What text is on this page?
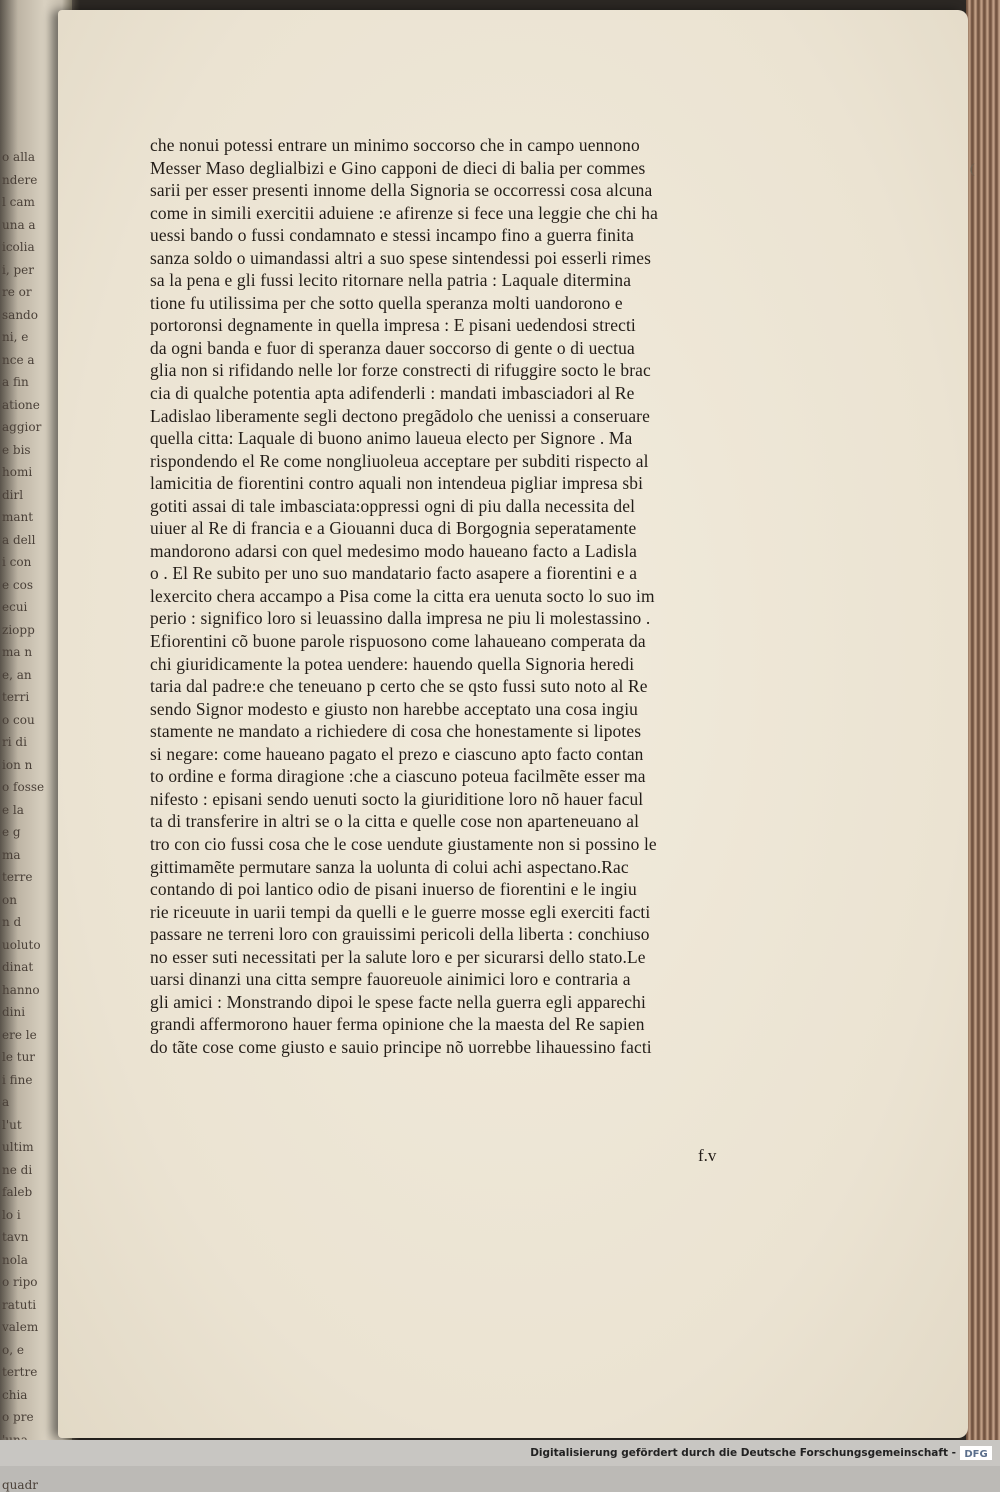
o alla
ndere
l cam
una a
icolia
i, per
re or
sando
ni, e
nce a
a fin
atione
aggior
e bis
homi
dirl
mant
a dell
i con
e cos
ecui
ziopp
ma n
e, an
terri
o cou
ri di
ion n
o fosse
e la
e g
ma
terre
on
n d
uoluto
dinat
hanno
dini
ere le
le tur
i fine
a
l'ut
ultim
ne di
faleb
lo i
tavn
nola
o ripo
ratuti
valem
o, e
tertre
chia
o pre
quadr
che nonui potessi entrare un minimo soccorso che in campo uennono
Messer Maso deglialbizi e Gino capponi de dieci di balia per commes
sarii per esser presenti innome della Signoria se occorressi cosa alcuna
come in simili exercitii aduiene :e afirenze si fece una leggie che chi ha
uessi bando o fussi condamnato e stessi incampo fino a guerra finita
sanza soldo o uimandassi altri a suo spese sintendessi poi esserli rimes
sa la pena e gli fussi lecito ritornare nella patria : Laquale ditermina
tione fu utilissima per che sotto quella speranza molti uandorono e
portoronsi degnamente in quella impresa : E pisani uedendosi strecti
da ogni banda e fuor di speranza dauer soccorso di gente o di uectua
glia non si rifidando nelle lor forze constrecti di rifuggire socto le brac
cia di qualche potentia apta adifenderli : mandati imbasciadori al Re
Ladislao liberamente segli dectono pregãdolo che uenissi a conseruare
quella citta: Laquale di buono animo laueua electo per Signore . Ma
rispondendo el Re come nongliuoleua acceptare per subditi rispecto al
lamicitia de fiorentini contro aquali non intendeua pigliar impresa sbi
gotiti assai di tale imbasciata:oppressi ogni di piu dalla necessita del
uiuer al Re di francia e a Giouanni duca di Borgognia seperatamente
mandorono adarsi con quel medesimo modo haueano facto a Ladisla
o . El Re subito per uno suo mandatario facto asapere a fiorentini e a
lexercito chera accampo a Pisa come la citta era uenuta socto lo suo im
perio : significo loro si leuassino dalla impresa ne piu li molestassino .
Efiorentini cõ buone parole rispuosono come lahaueano comperata da
chi giuridicamente la potea uendere: hauendo quella Signoria heredi
taria dal padre:e che teneuano p certo che se qsto fussi suto noto al Re
sendo Signor modesto e giusto non harebbe acceptato una cosa ingiu
stamente ne mandato a richiedere di cosa che honestamente si lipotes
si negare: come haueano pagato el prezo e ciascuno apto facto contan
to ordine e forma diragione :che a ciascuno poteua facilmẽte esser ma
nifesto : episani sendo uenuti socto la giuriditione loro nõ hauer facul
ta di transferire in altri se o la citta e quelle cose non aparteneuano al
tro con cio fussi cosa che le cose uendute giustamente non si possino le
gittimamẽte permutare sanza la uolunta di colui achi aspectano.Rac
contando di poi lantico odio de pisani inuerso de fiorentini e le ingiu
rie riceuute in uarii tempi da quelli e le guerre mosse egli exerciti facti
passare ne terreni loro con grauissimi pericoli della liberta : conchiuso
no esser suti necessitati per la salute loro e per sicurarsi dello stato.Le
uarsi dinanzi una citta sempre fauoreuole ainimici loro e contraria a
gli amici : Monstrando dipoi le spese facte nella guerra egli apparechi
grandi affermorono hauer ferma opinione che la maesta del Re sapien
do tãte cose come giusto e sauio principe nõ uorrebbe lihauessino facti
f.v
(
Digitalisierung gefördert durch die Deutsche Forschungsgemeinschaft - DFG
